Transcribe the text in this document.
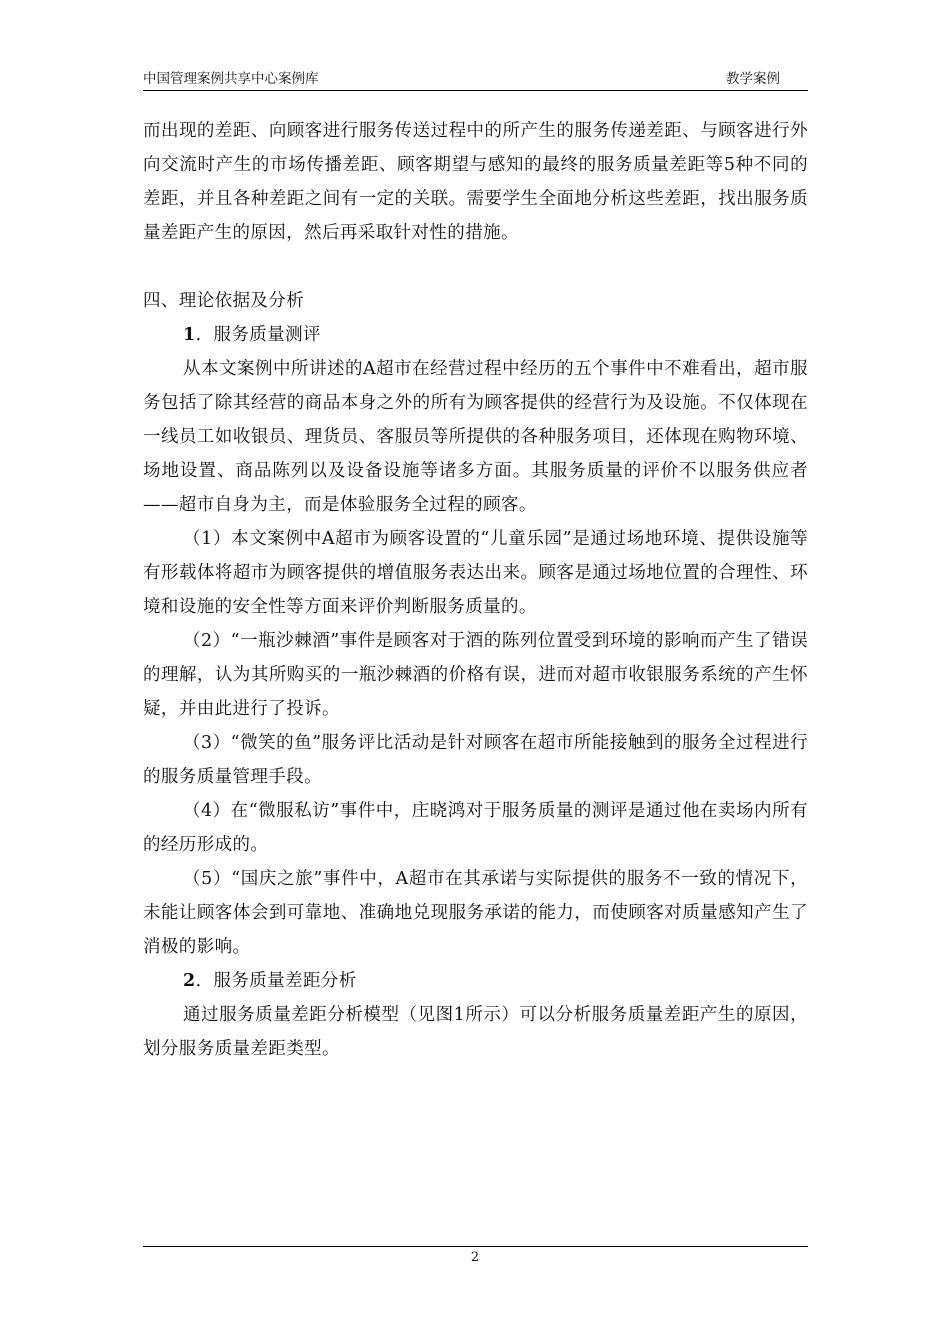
中国管理案例共享中心案例库	教学案例

而出现的差距、向顾客进行服务传送过程中的所产生的服务传递差距、与顾客进行外向交流时产生的市场传播差距、顾客期望与感知的最终的服务质量差距等5种不同的差距，并且各种差距之间有一定的关联。需要学生全面地分析这些差距，找出服务质量差距产生的原因，然后再采取针对性的措施。

四、理论依据及分析

1．服务质量测评

从本文案例中所讲述的A超市在经营过程中经历的五个事件中不难看出，超市服务包括了除其经营的商品本身之外的所有为顾客提供的经营行为及设施。不仅体现在一线员工如收银员、理货员、客服员等所提供的各种服务项目，还体现在购物环境、场地设置、商品陈列以及设备设施等诸多方面。其服务质量的评价不以服务供应者——超市自身为主，而是体验服务全过程的顾客。

（1）本文案例中A超市为顾客设置的“儿童乐园”是通过场地环境、提供设施等有形载体将超市为顾客提供的增值服务表达出来。顾客是通过场地位置的合理性、环境和设施的安全性等方面来评价判断服务质量的。

（2）“一瓶沙棘酒”事件是顾客对于酒的陈列位置受到环境的影响而产生了错误的理解，认为其所购买的一瓶沙棘酒的价格有误，进而对超市收银服务系统的产生怀疑，并由此进行了投诉。

（3）“微笑的鱼”服务评比活动是针对顾客在超市所能接触到的服务全过程进行的服务质量管理手段。

（4）在“微服私访”事件中，庄晓鸿对于服务质量的测评是通过他在卖场内所有的经历形成的。

（5）“国庆之旅”事件中，A超市在其承诺与实际提供的服务不一致的情况下，未能让顾客体会到可靠地、准确地兑现服务承诺的能力，而使顾客对质量感知产生了消极的影响。

2．服务质量差距分析

通过服务质量差距分析模型（见图1所示）可以分析服务质量差距产生的原因，划分服务质量差距类型。

2
